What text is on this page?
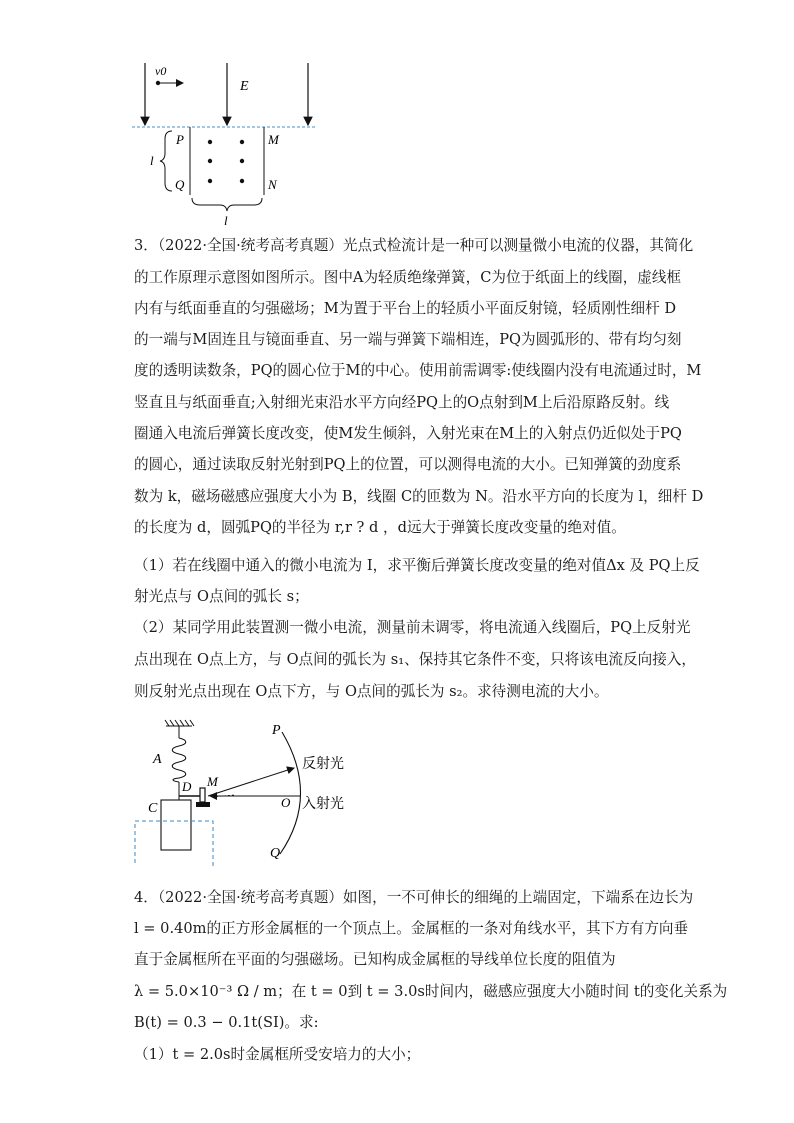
v0
E
P
Q
M
N
l
l
3．（2022·全国·统考高考真题）光点式检流计是一种可以测量微小电流的仪器，其简化
的工作原理示意图如图所示。图中A为轻质绝缘弹簧，C为位于纸面上的线圈，虚线框
内有与纸面垂直的匀强磁场；M为置于平台上的轻质小平面反射镜，轻质刚性细杆 D
的一端与M固连且与镜面垂直、另一端与弹簧下端相连，PQ为圆弧形的、带有均匀刻
度的透明读数条，PQ的圆心位于M的中心。使用前需调零:使线圈内没有电流通过时，M
竖直且与纸面垂直;入射细光束沿水平方向经PQ上的O点射到M上后沿原路反射。线
圈通入电流后弹簧长度改变，使M发生倾斜，入射光束在M上的入射点仍近似处于PQ
的圆心，通过读取反射光射到PQ上的位置，可以测得电流的大小。已知弹簧的劲度系
数为 k，磁场磁感应强度大小为 B，线圈 C的匝数为 N。沿水平方向的长度为 l，细杆 D
的长度为 d，圆弧PQ的半径为 r,r ? d ，d远大于弹簧长度改变量的绝对值。
（1）若在线圈中通入的微小电流为 I，求平衡后弹簧长度改变量的绝对值Δx 及 PQ上反
射光点与 O点间的弧长 s；
（2）某同学用此装置测一微小电流，测量前未调零，将电流通入线圈后，PQ上反射光
点出现在 O点上方，与 O点间的弧长为 s₁、保持其它条件不变，只将该电流反向接入，
则反射光点出现在 O点下方，与 O点间的弧长为 s₂。求待测电流的大小。
A
D M
C
P
Q
O
反射光
入射光
4．（2022·全国·统考高考真题）如图，一不可伸长的细绳的上端固定，下端系在边长为
l = 0.40m的正方形金属框的一个顶点上。金属框的一条对角线水平，其下方有方向垂
直于金属框所在平面的匀强磁场。已知构成金属框的导线单位长度的阻值为
λ = 5.0×10⁻³ Ω / m；在 t = 0到 t = 3.0s时间内，磁感应强度大小随时间 t的变化关系为
B(t) = 0.3 − 0.1t(SI)。求:
（1）t = 2.0s时金属框所受安培力的大小；
